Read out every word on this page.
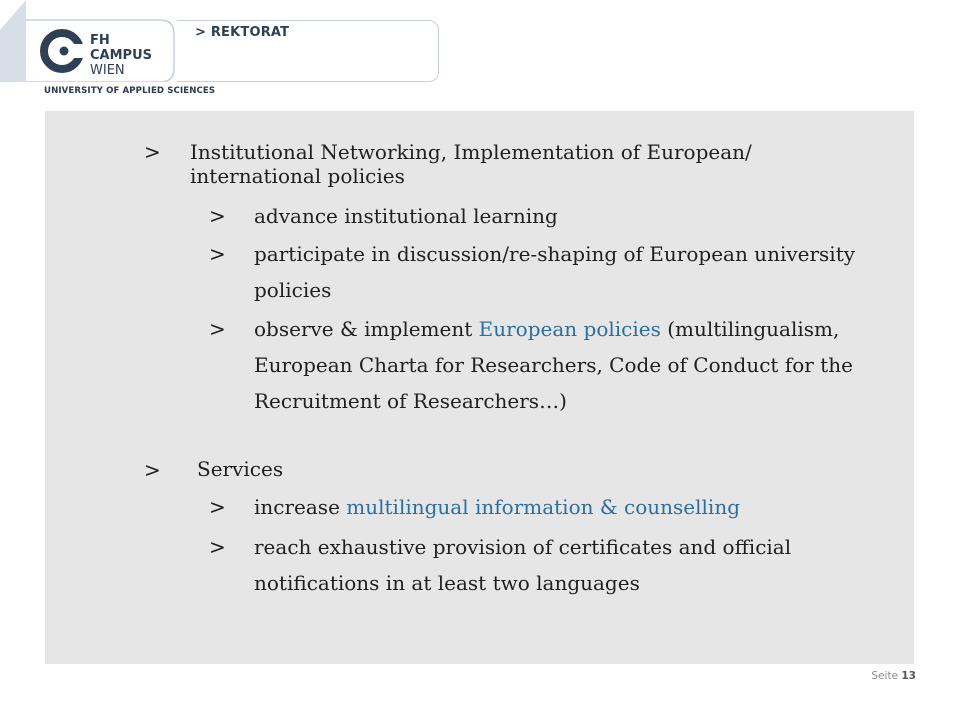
FH
CAMPUS
WIEN
> REKTORAT
UNIVERSITY OF APPLIED SCIENCES
> Institutional Networking, Implementation of European/ international policies
> advance institutional learning
> participate in discussion/re-shaping of European university policies
> observe & implement European policies (multilingualism, European Charta for Researchers, Code of Conduct for the Recruitment of Researchers…)
> Services
> increase multilingual information & counselling
> reach exhaustive provision of certificates and official notifications in at least two languages
Seite 13
